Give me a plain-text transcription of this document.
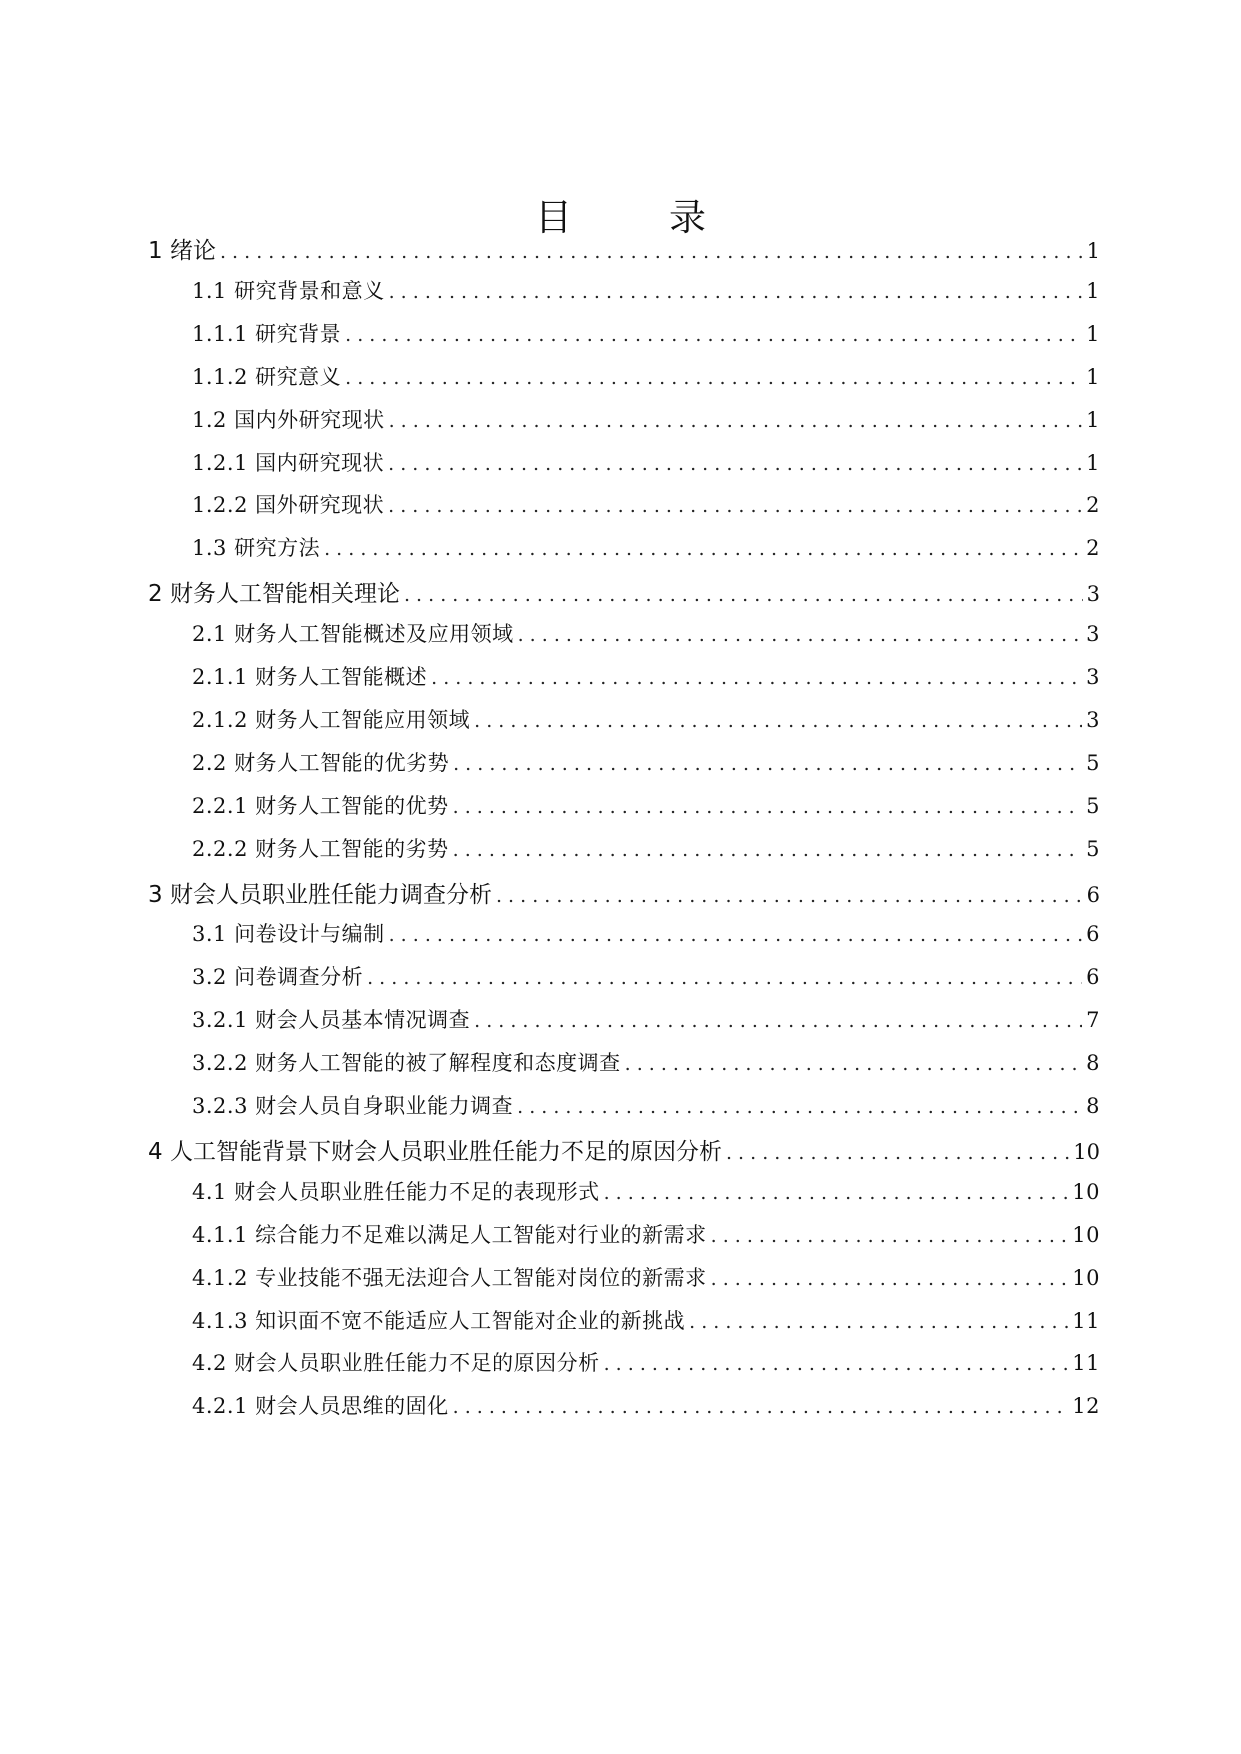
目　录
1 绪论 . . .	1
1.1 研究背景和意义 . . .	1
1.1.1 研究背景 . . .	1
1.1.2 研究意义 . . .	1
1.2 国内外研究现状 . . .	1
1.2.1 国内研究现状 . . .	1
1.2.2 国外研究现状 . . .	2
1.3 研究方法 . . .	2
2 财务人工智能相关理论 . . .	3
2.1 财务人工智能概述及应用领域 . . .	3
2.1.1 财务人工智能概述 . . .	3
2.1.2 财务人工智能应用领域 . . .	3
2.2 财务人工智能的优劣势 . . .	5
2.2.1 财务人工智能的优势 . . .	5
2.2.2 财务人工智能的劣势 . . .	5
3 财会人员职业胜任能力调查分析 . . .	6
3.1 问卷设计与编制 . . .	6
3.2 问卷调查分析 . . .	6
3.2.1 财会人员基本情况调查 . . .	7
3.2.2 财务人工智能的被了解程度和态度调查 . . .	8
3.2.3 财会人员自身职业能力调查 . . .	8
4 人工智能背景下财会人员职业胜任能力不足的原因分析 . . .	10
4.1 财会人员职业胜任能力不足的表现形式 . . .	10
4.1.1 综合能力不足难以满足人工智能对行业的新需求 . . .	10
4.1.2 专业技能不强无法迎合人工智能对岗位的新需求 . . .	10
4.1.3 知识面不宽不能适应人工智能对企业的新挑战 . . .	11
4.2 财会人员职业胜任能力不足的原因分析 . . .	11
4.2.1 财会人员思维的固化 . . .	12
